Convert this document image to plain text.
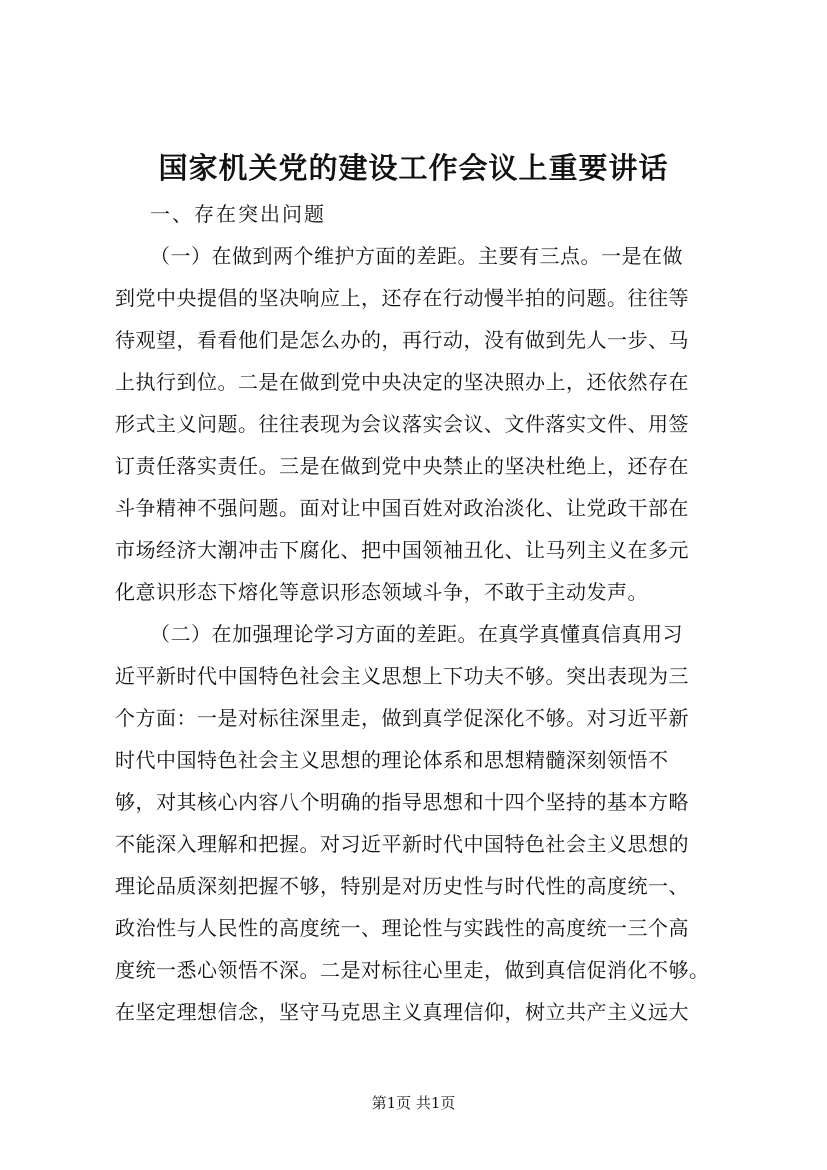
国家机关党的建设工作会议上重要讲话
一、存在突出问题
（一）在做到两个维护方面的差距。主要有三点。一是在做
到党中央提倡的坚决响应上，还存在行动慢半拍的问题。往往等
待观望，看看他们是怎么办的，再行动，没有做到先人一步、马
上执行到位。二是在做到党中央决定的坚决照办上，还依然存在
形式主义问题。往往表现为会议落实会议、文件落实文件、用签
订责任落实责任。三是在做到党中央禁止的坚决杜绝上，还存在
斗争精神不强问题。面对让中国百姓对政治淡化、让党政干部在
市场经济大潮冲击下腐化、把中国领袖丑化、让马列主义在多元
化意识形态下熔化等意识形态领域斗争，不敢于主动发声。
（二）在加强理论学习方面的差距。在真学真懂真信真用习
近平新时代中国特色社会主义思想上下功夫不够。突出表现为三
个方面：一是对标往深里走，做到真学促深化不够。对习近平新
时代中国特色社会主义思想的理论体系和思想精髓深刻领悟不
够，对其核心内容八个明确的指导思想和十四个坚持的基本方略
不能深入理解和把握。对习近平新时代中国特色社会主义思想的
理论品质深刻把握不够，特别是对历史性与时代性的高度统一、
政治性与人民性的高度统一、理论性与实践性的高度统一三个高
度统一悉心领悟不深。二是对标往心里走，做到真信促消化不够。
在坚定理想信念，坚守马克思主义真理信仰，树立共产主义远大
第1页 共1页
